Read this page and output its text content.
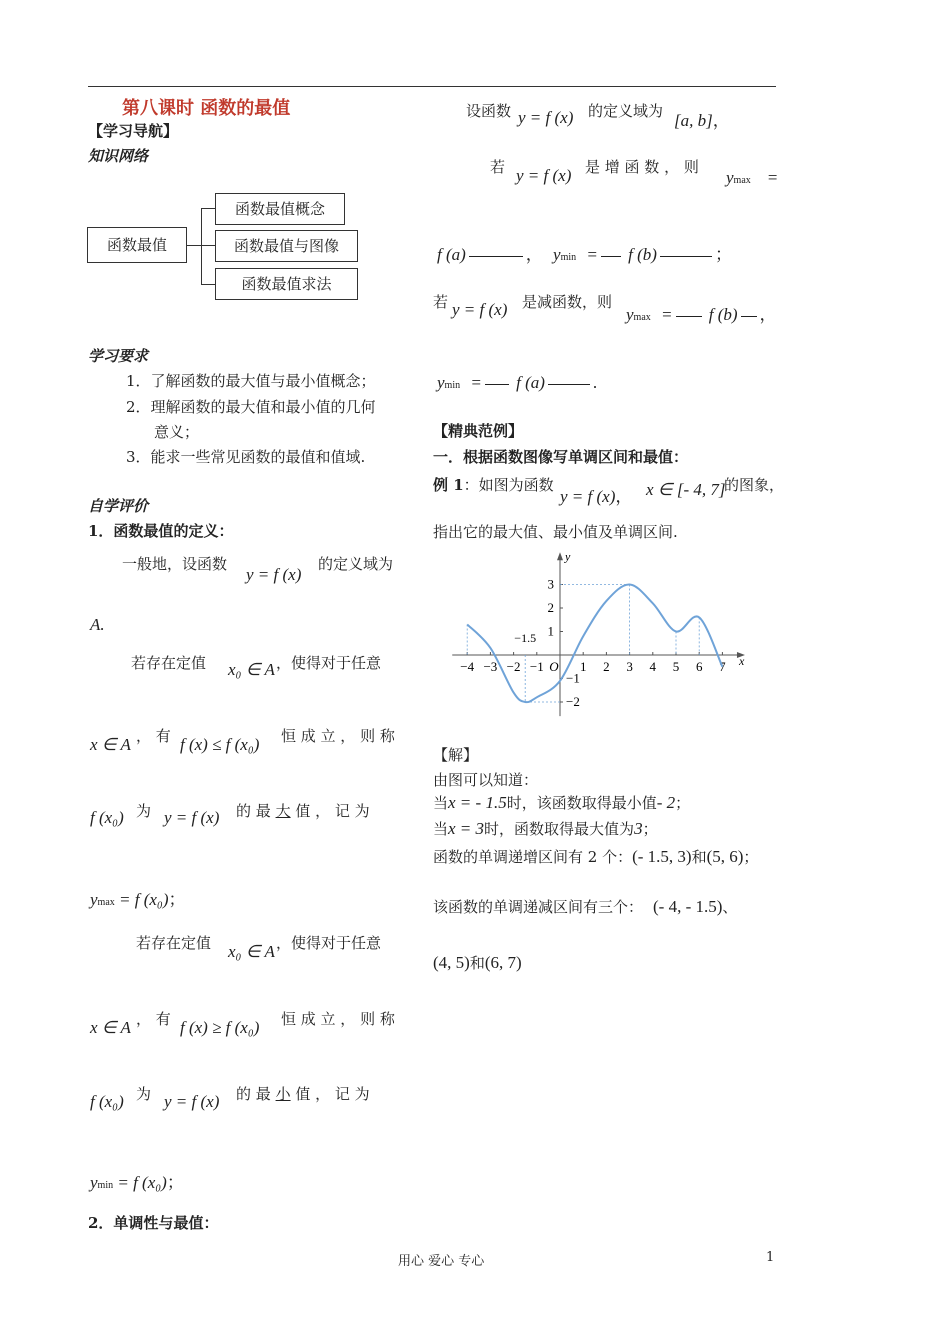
第八课时 函数的最值
【学习导航】
知识网络
函数最值
函数最值概念
函数最值与图像
函数最值求法
学习要求
1．了解函数的最大值与最小值概念；
2．理解函数的最大值和最小值的几何
意义；
3．能求一些常见函数的最值和值域.
自学评价
1．函数最值的定义：
一般地，设函数
y = f (x)
的定义域为
A.
若存在定值 x₀ ∈ A ，使得对于任意
x ∈ A ， 有 f (x) ≤ f (x₀) 恒 成 立 ， 则 称
f (x₀) 为 y = f (x) 的 最 大 值 ， 记 为
ymax = f (x₀)；
若存在定值 x₀ ∈ A ，使得对于任意
x ∈ A ， 有 f (x) ≥ f (x₀) 恒 成 立 ， 则 称
f (x₀) 为 y = f (x) 的 最 小 值 ， 记 为
ymin = f (x₀)；
2．单调性与最值：
设函数 y = f (x) 的定义域为 [a, b]，
若 y = f (x) 是 增 函 数 ， 则
ymax =
f (a)	， ymin = f (b)	；
若 y = f (x) 是减函数，则
ymax = f (b) ，
ymin = f (a)	.
【精典范例】
一．根据函数图像写单调区间和最值：
例 1：如图为函数
y = f (x)， x ∈ [- 4, 7]
的图象，
指出它的最大值、最小值及单调区间.
x
y
−4 −3 −2 −1 O 1 2 3 4 5 6 7
3
2
1
−1
−2
−1.5
【解】
由图可以知道：
当x = - 1.5时，该函数取得最小值- 2；
当x = 3时，函数取得最大值为3；
函数的单调递增区间有 2 个：(- 1.5, 3)和(5, 6)；
该函数的单调递减区间有三个： (- 4, - 1.5)、
(4, 5)和(6, 7)
用心 爱心 专心	1
